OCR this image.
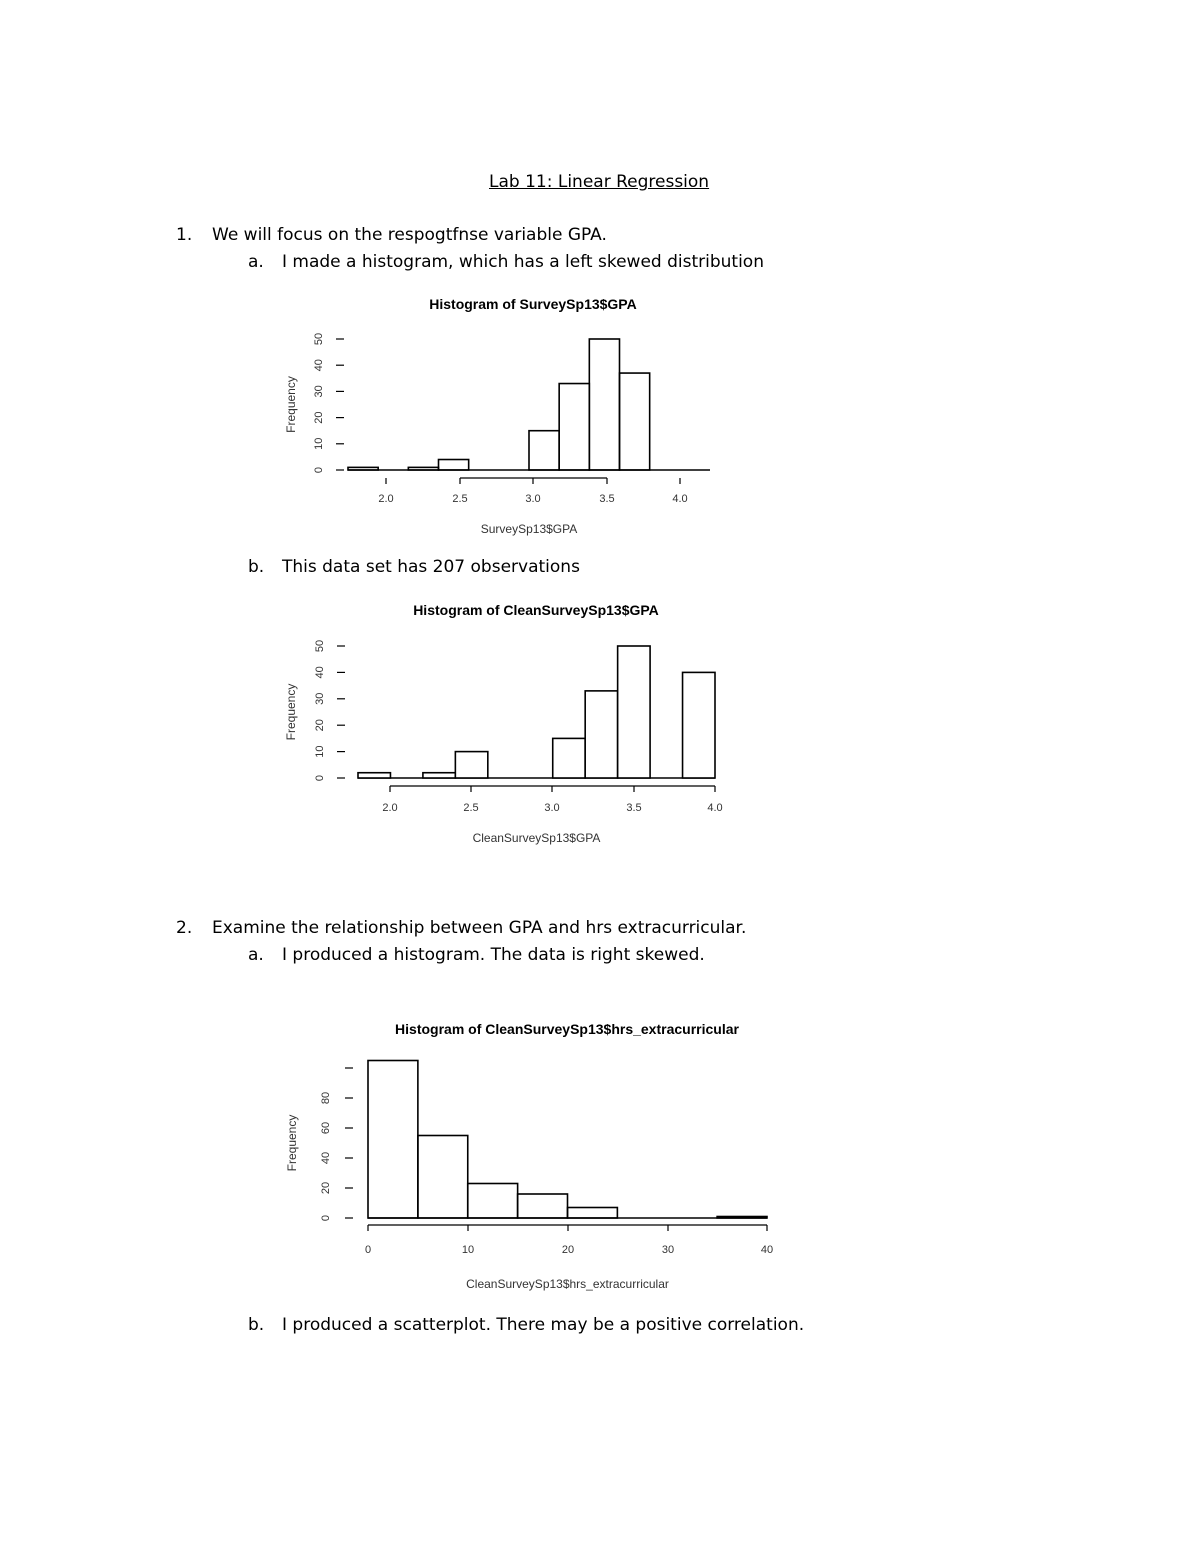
Lab 11: Linear Regression
1. We will focus on the respogtfnse variable GPA.
a. I made a histogram, which has a left skewed distribution
b. This data set has 207 observations
2. Examine the relationship between GPA and hrs extracurricular.
a. I produced a histogram. The data is right skewed.
b. I produced a scatterplot. There may be a positive correlation.
Histogram of SurveySp13$GPA
2.0	2.5	3.0	3.5	4.0
SurveySp13$GPA
0
10
20
30
40
50
Frequency
Histogram of CleanSurveySp13$GPA
2.0	2.5	3.0	3.5	4.0
CleanSurveySp13$GPA
0
10
20
30
40
50
Frequency
Histogram of CleanSurveySp13$hrs_extracurricular
0	10	20	30	40
CleanSurveySp13$hrs_extracurricular
0
20
40
60
80
Frequency
